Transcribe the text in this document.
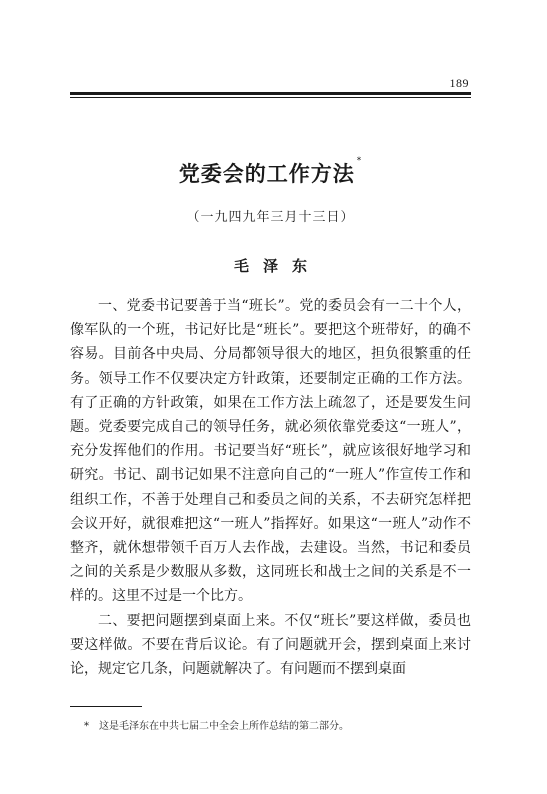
189
党委会的工作方法*
（一九四九年三月十三日）
毛泽东

一、党委书记要善于当“班长”。党的委员会有一二十个人，像军队的一个班，书记好比是“班长”。要把这个班带好，的确不容易。目前各中央局、分局都领导很大的地区，担负很繁重的任务。领导工作不仅要决定方针政策，还要制定正确的工作方法。有了正确的方针政策，如果在工作方法上疏忽了，还是要发生问题。党委要完成自己的领导任务，就必须依靠党委这“一班人”，充分发挥他们的作用。书记要当好“班长”，就应该很好地学习和研究。书记、副书记如果不注意向自己的“一班人”作宣传工作和组织工作，不善于处理自己和委员之间的关系，不去研究怎样把会议开好，就很难把这“一班人”指挥好。如果这“一班人”动作不整齐，就休想带领千百万人去作战，去建设。当然，书记和委员之间的关系是少数服从多数，这同班长和战士之间的关系是不一样的。这里不过是一个比方。

二、要把问题摆到桌面上来。不仅“班长”要这样做，委员也要这样做。不要在背后议论。有了问题就开会，摆到桌面上来讨论，规定它几条，问题就解决了。有问题而不摆到桌面

* 这是毛泽东在中共七届二中全会上所作总结的第二部分。
